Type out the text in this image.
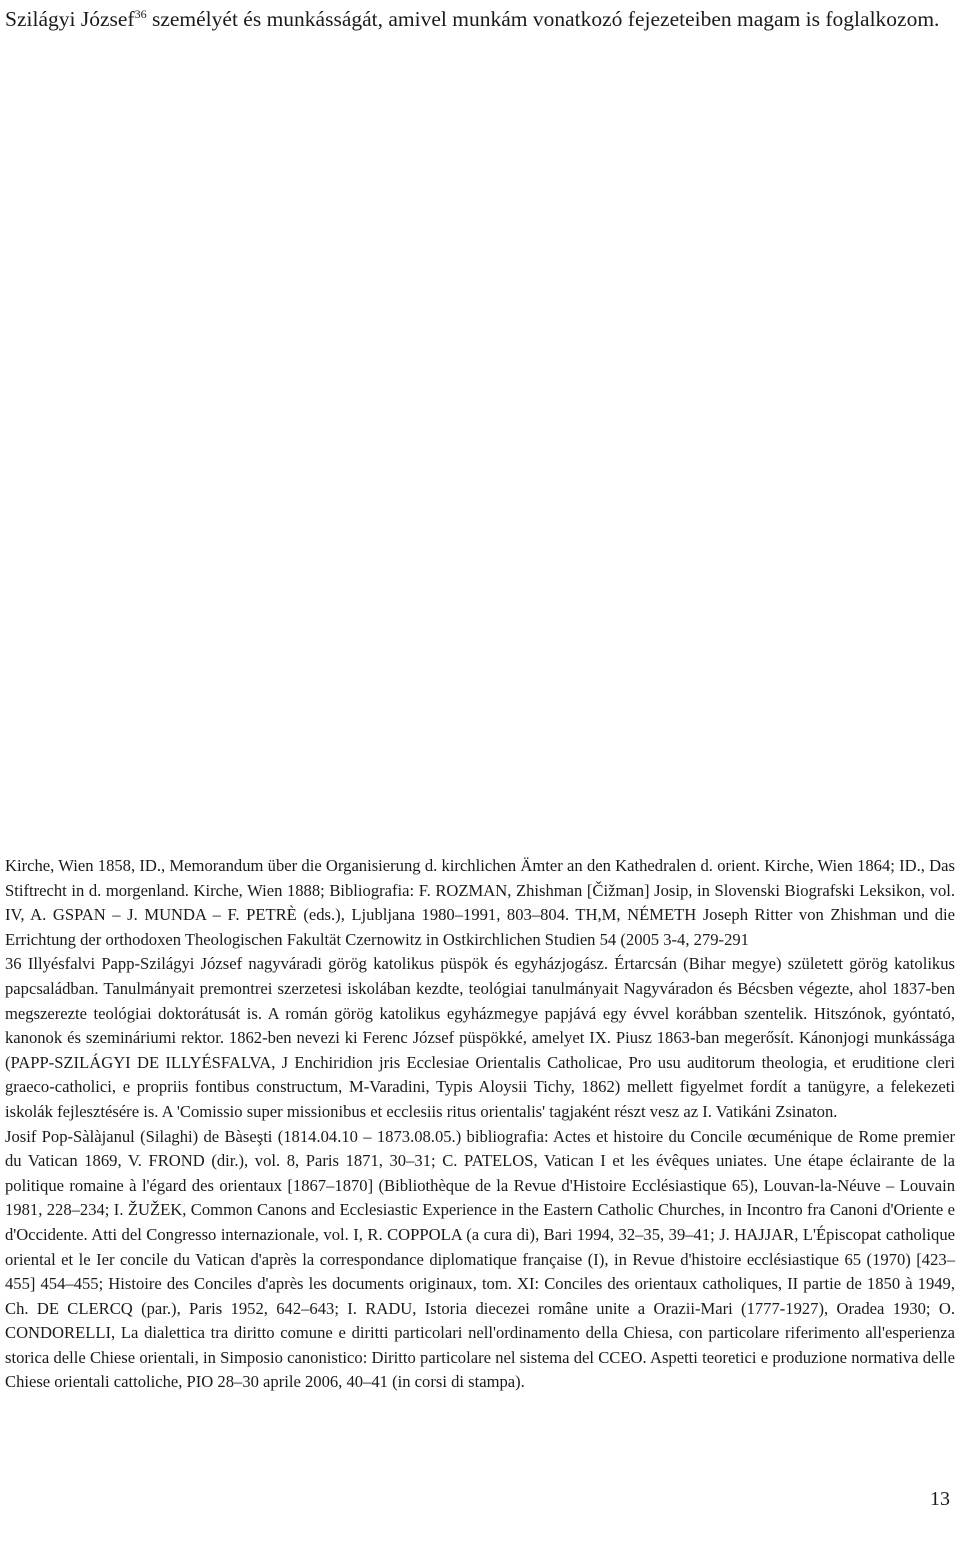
Szilágyi József$^{36}$ személyét és munkásságát, amivel munkám vonatkozó fejezeteiben magam is foglalkozom.

Kirche, Wien 1858, ID., Memorandum über die Organisierung d. kirchlichen Ämter an den Kathedralen d. orient. Kirche, Wien 1864; ID., Das Stiftrecht in d. morgenland. Kirche, Wien 1888; Bibliografia: F. ROZMAN, Zhishman [Čižman] Josip, in Slovenski Biografski Leksikon, vol. IV, A. GSPAN – J. MUNDA – F. PETRÈ (eds.), Ljubljana 1980–1991, 803–804. TH,M, NÉMETH Joseph Ritter von Zhishman und die Errichtung der orthodoxen Theologischen Fakultät Czernowitz in Ostkirchlichen Studien 54 (2005 3-4, 279-291

36 Illyésfalvi Papp-Szilágyi József nagyváradi görög katolikus püspök és egyházjogász. Értarcsán (Bihar megye) született görög katolikus papcsaládban. Tanulmányait premontrei szerzetesi iskolában kezdte, teológiai tanulmányait Nagyváradon és Bécsben végezte, ahol 1837-ben megszerezte teológiai doktorátusát is. A román görög katolikus egyházmegye papjává egy évvel korábban szentelik. Hitszónok, gyóntató, kanonok és szemináriumi rektor. 1862-ben nevezi ki Ferenc József püspökké, amelyet IX. Piusz 1863-ban megerősít. Kánonjogi munkássága (PAPP-SZILÁGYI DE ILLYÉSFALVA, J Enchiridion jris Ecclesiae Orientalis Catholicae, Pro usu auditorum theologia, et eruditione cleri graeco-catholici, e propriis fontibus constructum, M-Varadini, Typis Aloysii Tichy, 1862) mellett figyelmet fordít a tanügyre, a felekezeti iskolák fejlesztésére is. A 'Comissio super missionibus et ecclesiis ritus orientalis' tagjaként részt vesz az I. Vatikáni Zsinaton.

Josif Pop-Sàlàjanul (Silaghi) de Bàseşti (1814.04.10 – 1873.08.05.) bibliografia: Actes et histoire du Concile œcuménique de Rome premier du Vatican 1869, V. FROND (dir.), vol. 8, Paris 1871, 30–31; C. PATELOS, Vatican I et les évêques uniates. Une étape éclairante de la politique romaine à l'égard des orientaux [1867–1870] (Bibliothèque de la Revue d'Histoire Ecclésiastique 65), Louvan-la-Néuve – Louvain 1981, 228–234; I. ŽUŽEK, Common Canons and Ecclesiastic Experience in the Eastern Catholic Churches, in Incontro fra Canoni d'Oriente e d'Occidente. Atti del Congresso internazionale, vol. I, R. COPPOLA (a cura di), Bari 1994, 32–35, 39–41; J. HAJJAR, L'Épiscopat catholique oriental et le Ier concile du Vatican d'après la correspondance diplomatique française (I), in Revue d'histoire ecclésiastique 65 (1970) [423–455] 454–455; Histoire des Conciles d'après les documents originaux, tom. XI: Conciles des orientaux catholiques, II partie de 1850 à 1949, Ch. DE CLERCQ (par.), Paris 1952, 642–643; I. RADU, Istoria diecezei române unite a Orazii-Mari (1777-1927), Oradea 1930; O. CONDORELLI, La dialettica tra diritto comune e diritti particolari nell'ordinamento della Chiesa, con particolare riferimento all'esperienza storica delle Chiese orientali, in Simposio canonistico: Diritto particolare nel sistema del CCEO. Aspetti teoretici e produzione normativa delle Chiese orientali cattoliche, PIO 28–30 aprile 2006, 40–41 (in corsi di stampa).

13
